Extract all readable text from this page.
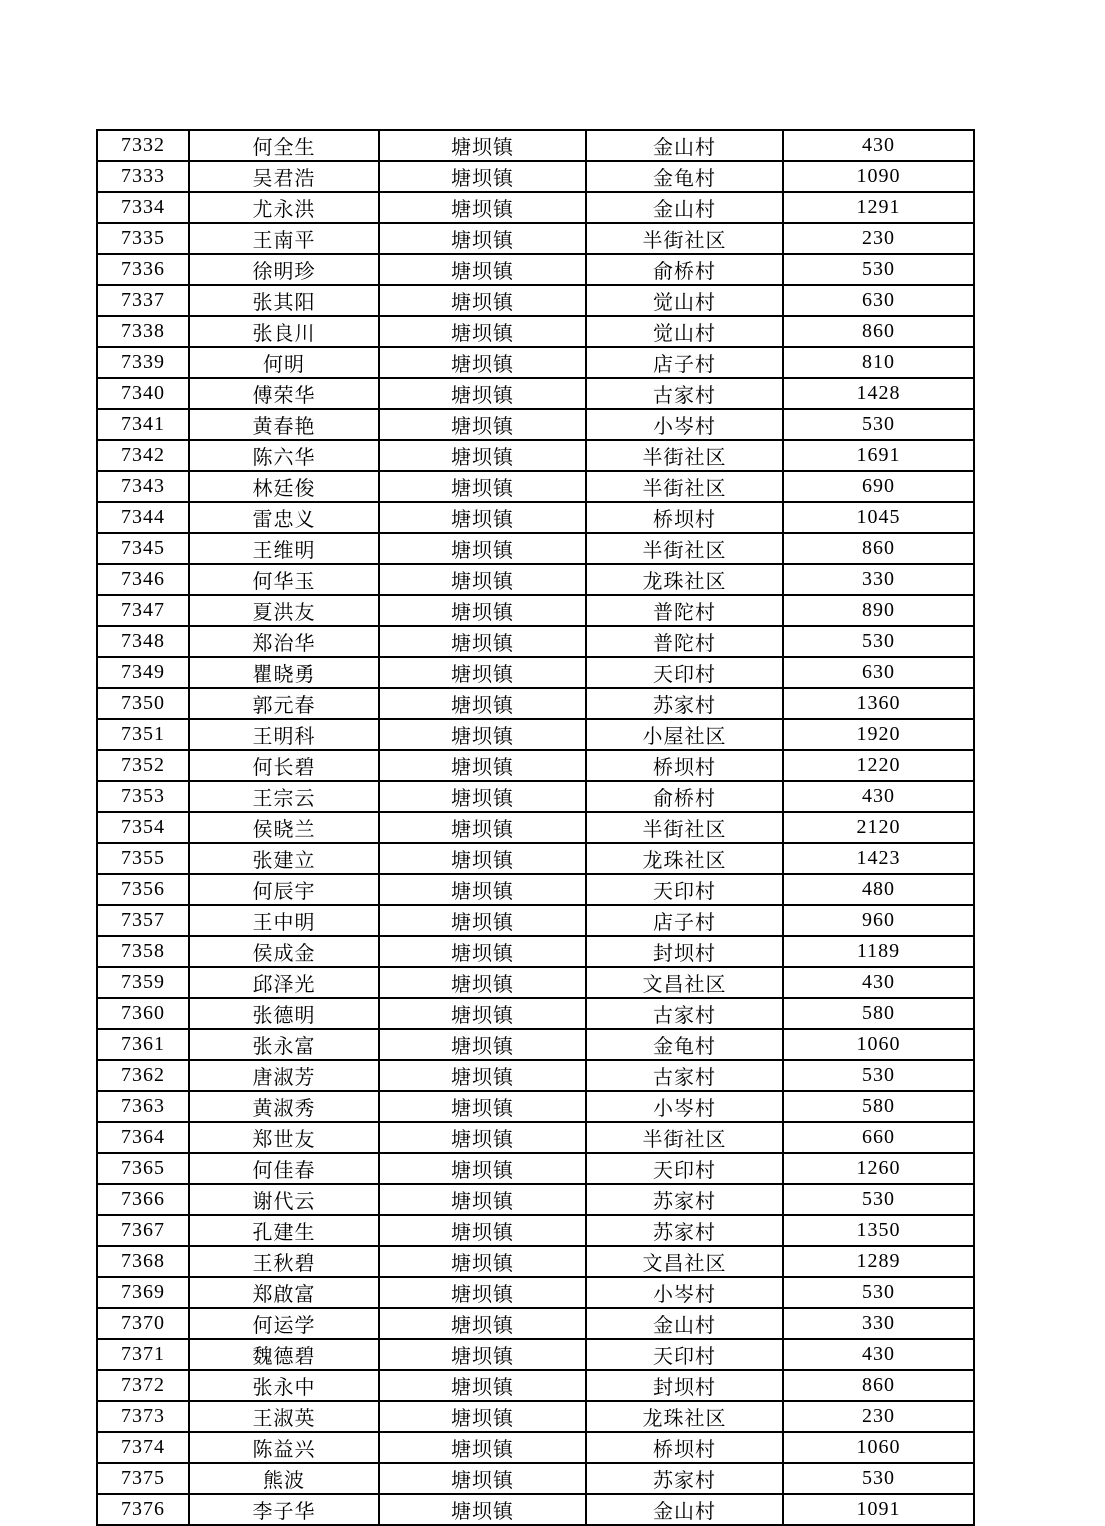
7332	何全生	塘坝镇	金山村	430
7333	吴君浩	塘坝镇	金龟村	1090
7334	尤永洪	塘坝镇	金山村	1291
7335	王南平	塘坝镇	半街社区	230
7336	徐明珍	塘坝镇	俞桥村	530
7337	张其阳	塘坝镇	觉山村	630
7338	张良川	塘坝镇	觉山村	860
7339	何明	塘坝镇	店子村	810
7340	傅荣华	塘坝镇	古家村	1428
7341	黄春艳	塘坝镇	小岑村	530
7342	陈六华	塘坝镇	半街社区	1691
7343	林廷俊	塘坝镇	半街社区	690
7344	雷忠义	塘坝镇	桥坝村	1045
7345	王维明	塘坝镇	半街社区	860
7346	何华玉	塘坝镇	龙珠社区	330
7347	夏洪友	塘坝镇	普陀村	890
7348	郑治华	塘坝镇	普陀村	530
7349	瞿晓勇	塘坝镇	天印村	630
7350	郭元春	塘坝镇	苏家村	1360
7351	王明科	塘坝镇	小屋社区	1920
7352	何长碧	塘坝镇	桥坝村	1220
7353	王宗云	塘坝镇	俞桥村	430
7354	侯晓兰	塘坝镇	半街社区	2120
7355	张建立	塘坝镇	龙珠社区	1423
7356	何辰宇	塘坝镇	天印村	480
7357	王中明	塘坝镇	店子村	960
7358	侯成金	塘坝镇	封坝村	1189
7359	邱泽光	塘坝镇	文昌社区	430
7360	张德明	塘坝镇	古家村	580
7361	张永富	塘坝镇	金龟村	1060
7362	唐淑芳	塘坝镇	古家村	530
7363	黄淑秀	塘坝镇	小岑村	580
7364	郑世友	塘坝镇	半街社区	660
7365	何佳春	塘坝镇	天印村	1260
7366	谢代云	塘坝镇	苏家村	530
7367	孔建生	塘坝镇	苏家村	1350
7368	王秋碧	塘坝镇	文昌社区	1289
7369	郑啟富	塘坝镇	小岑村	530
7370	何运学	塘坝镇	金山村	330
7371	魏德碧	塘坝镇	天印村	430
7372	张永中	塘坝镇	封坝村	860
7373	王淑英	塘坝镇	龙珠社区	230
7374	陈益兴	塘坝镇	桥坝村	1060
7375	熊波	塘坝镇	苏家村	530
7376	李子华	塘坝镇	金山村	1091
